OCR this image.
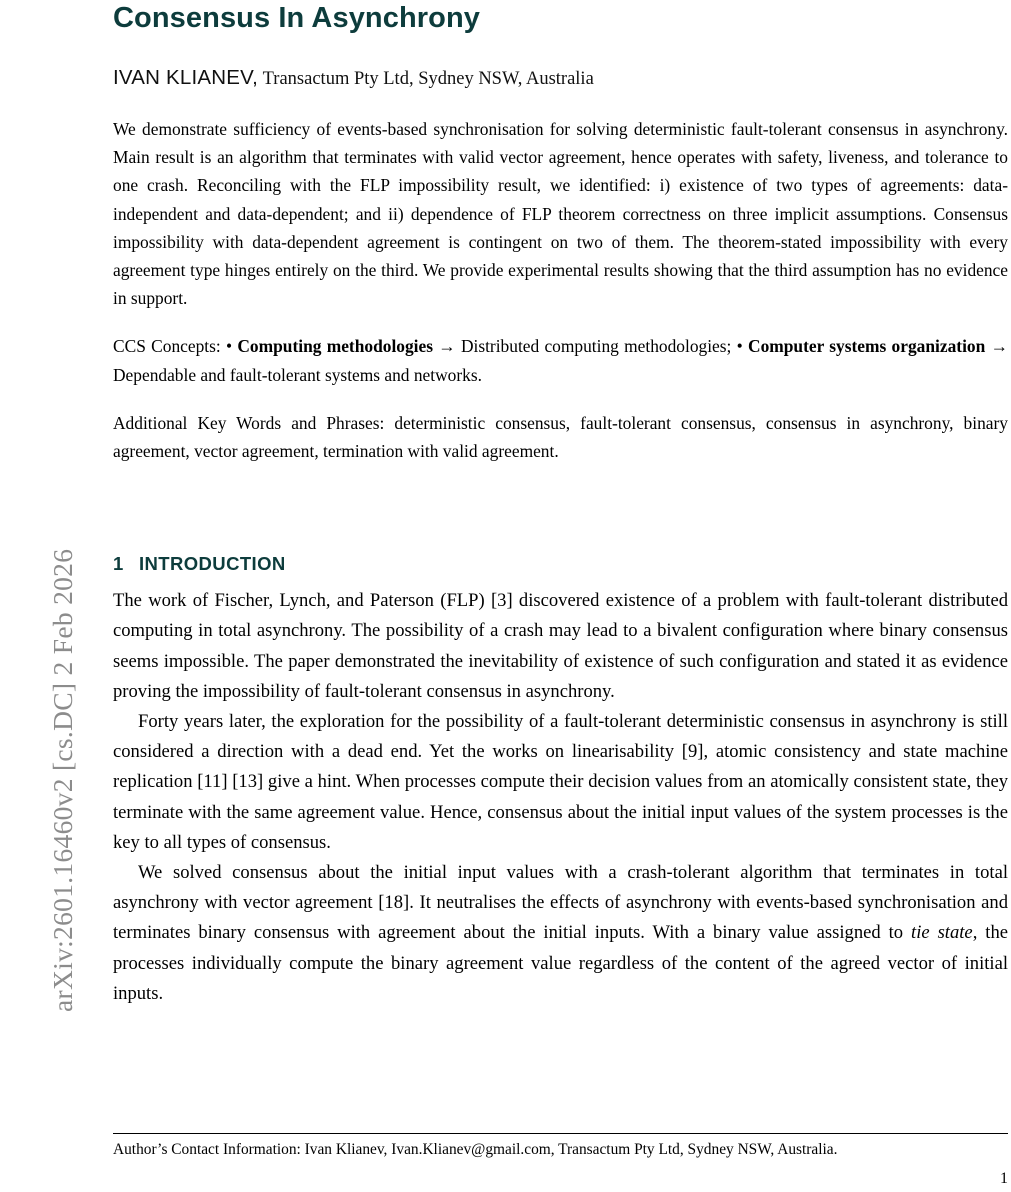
arXiv:2601.16460v2 [cs.DC] 2 Feb 2026
Consensus In Asynchrony
IVAN KLIANEV, Transactum Pty Ltd, Sydney NSW, Australia
We demonstrate sufficiency of events-based synchronisation for solving deterministic fault-tolerant consensus in asynchrony. Main result is an algorithm that terminates with valid vector agreement, hence operates with safety, liveness, and tolerance to one crash. Reconciling with the FLP impossibility result, we identified: i) existence of two types of agreements: data-independent and data-dependent; and ii) dependence of FLP theorem correctness on three implicit assumptions. Consensus impossibility with data-dependent agreement is contingent on two of them. The theorem-stated impossibility with every agreement type hinges entirely on the third. We provide experimental results showing that the third assumption has no evidence in support.
CCS Concepts: • Computing methodologies → Distributed computing methodologies; • Computer systems organization → Dependable and fault-tolerant systems and networks.
Additional Key Words and Phrases: deterministic consensus, fault-tolerant consensus, consensus in asynchrony, binary agreement, vector agreement, termination with valid agreement.
1 INTRODUCTION

The work of Fischer, Lynch, and Paterson (FLP) [3] discovered existence of a problem with fault-tolerant distributed computing in total asynchrony. The possibility of a crash may lead to a bivalent configuration where binary consensus seems impossible. The paper demonstrated the inevitability of existence of such configuration and stated it as evidence proving the impossibility of fault-tolerant consensus in asynchrony.

Forty years later, the exploration for the possibility of a fault-tolerant deterministic consensus in asynchrony is still considered a direction with a dead end. Yet the works on linearisability [9], atomic consistency and state machine replication [11] [13] give a hint. When processes compute their decision values from an atomically consistent state, they terminate with the same agreement value. Hence, consensus about the initial input values of the system processes is the key to all types of consensus.

We solved consensus about the initial input values with a crash-tolerant algorithm that terminates in total asynchrony with vector agreement [18]. It neutralises the effects of asynchrony with events-based synchronisation and terminates binary consensus with agreement about the initial inputs. With a binary value assigned to tie state, the processes individually compute the binary agreement value regardless of the content of the agreed vector of initial inputs.

Author’s Contact Information: Ivan Klianev, Ivan.Klianev@gmail.com, Transactum Pty Ltd, Sydney NSW, Australia.
1
